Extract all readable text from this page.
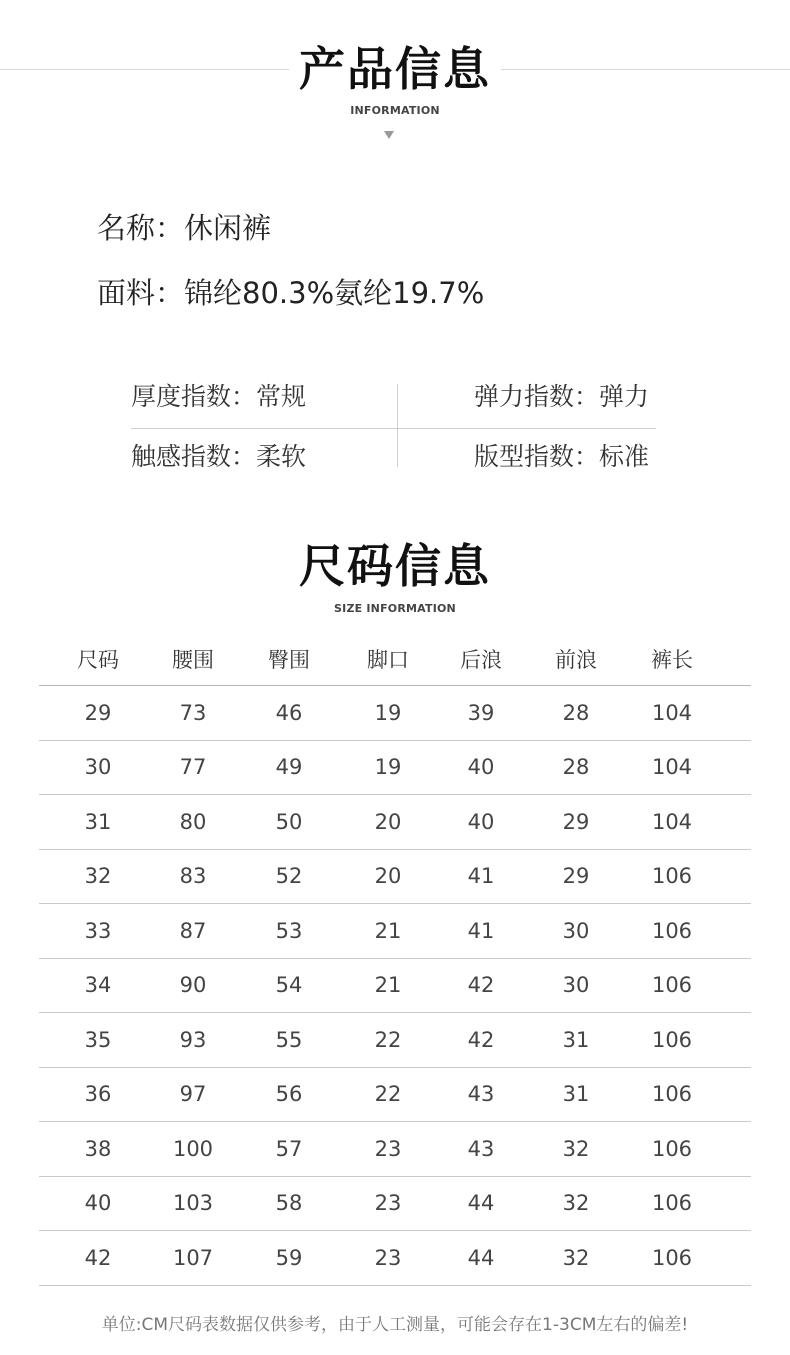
产品信息
INFORMATION
名称：休闲裤
面料：锦纶80.3%氨纶19.7%
厚度指数：常规	弹力指数：弹力
触感指数：柔软	版型指数：标准
尺码信息
SIZE INFORMATION
尺码	腰围	臀围	脚口	后浪	前浪	裤长
29	73	46	19	39	28	104
30	77	49	19	40	28	104
31	80	50	20	40	29	104
32	83	52	20	41	29	106
33	87	53	21	41	30	106
34	90	54	21	42	30	106
35	93	55	22	42	31	106
36	97	56	22	43	31	106
38	100	57	23	43	32	106
40	103	58	23	44	32	106
42	107	59	23	44	32	106
单位:CM尺码表数据仅供参考，由于人工测量，可能会存在1-3CM左右的偏差!
